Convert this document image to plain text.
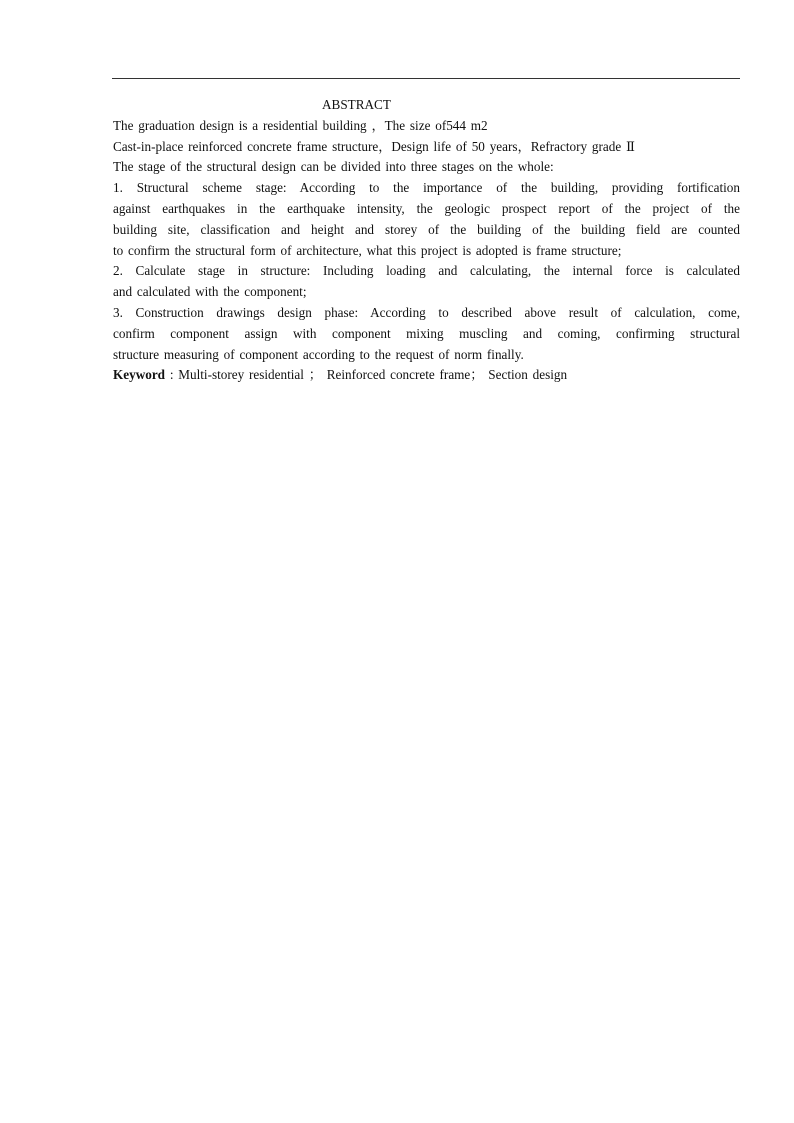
ABSTRACT
The graduation design is a residential building ，The size of544 m2
Cast-in-place reinforced concrete frame structure，Design life of 50 years，Refractory grade Ⅱ
The stage of the structural design can be divided into three stages on the whole:
1. Structural scheme stage: According to the importance of the building, providing fortification
against earthquakes in the earthquake intensity, the geologic prospect report of the project of the
building site, classification and height and storey of the building of the building field are counted
to confirm the structural form of architecture, what this project is adopted is frame structure;
2. Calculate stage in structure: Including loading and calculating, the internal force is calculated
and calculated with the component;
3. Construction drawings design phase: According to described above result of calculation, come,
confirm component assign with component mixing muscling and coming, confirming structural
structure measuring of component according to the request of norm finally.
Keyword : Multi-storey residential ； Reinforced concrete frame； Section design
